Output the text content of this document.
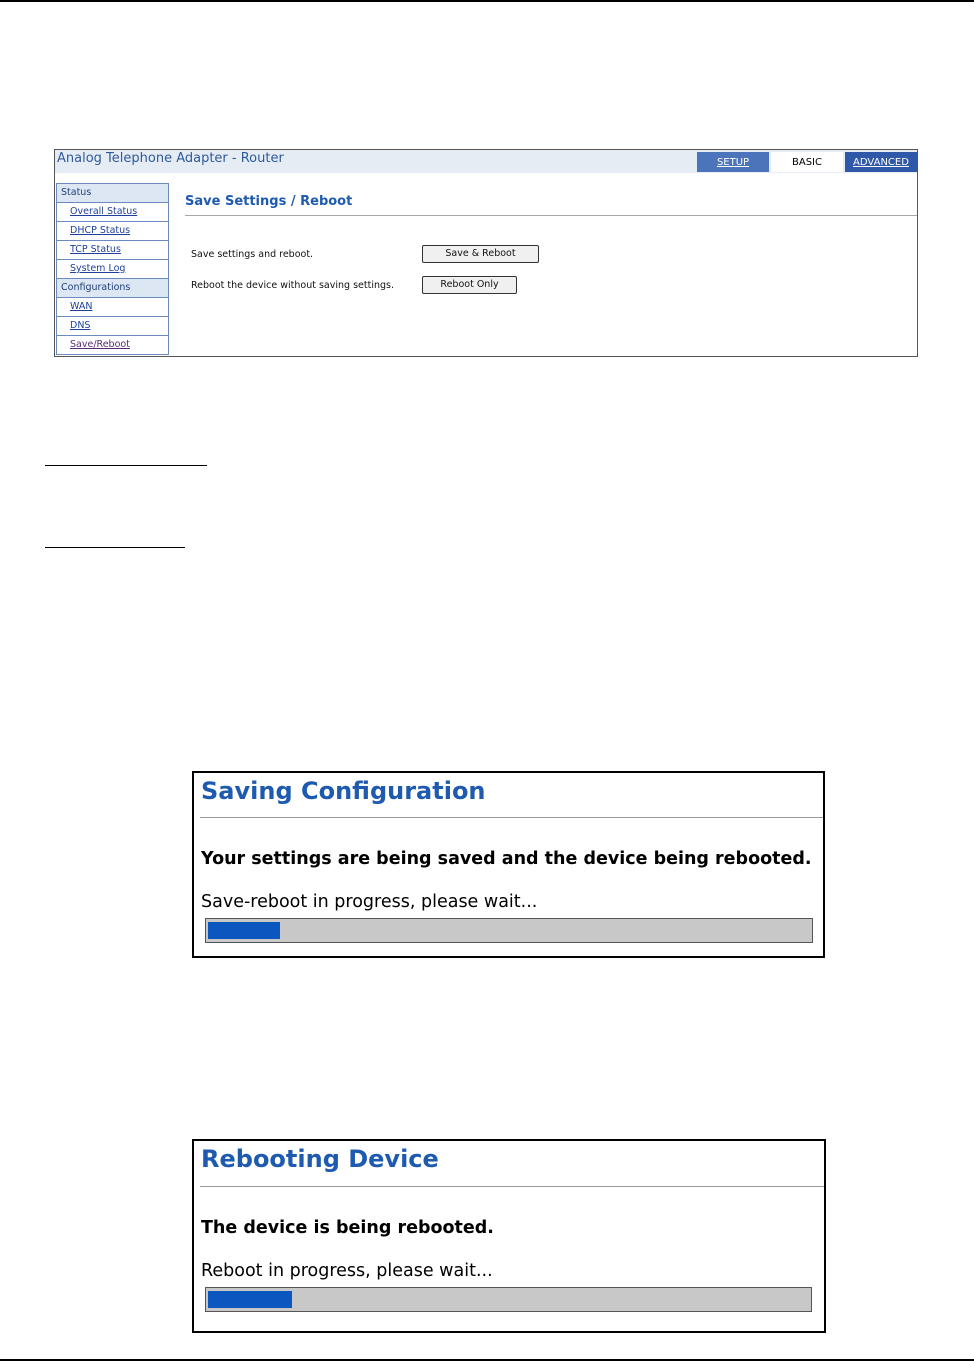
Analog Telephone Adapter - Router	SETUP	BASIC	ADVANCED
Status
Overall Status
DHCP Status
TCP Status
System Log
Configurations
WAN
DNS
Save/Reboot
Save Settings / Reboot
Save settings and reboot.	Save & Reboot
Reboot the device without saving settings.	Reboot Only
Saving Configuration
Your settings are being saved and the device being rebooted.
Save-reboot in progress, please wait...
Rebooting Device
The device is being rebooted.
Reboot in progress, please wait...
